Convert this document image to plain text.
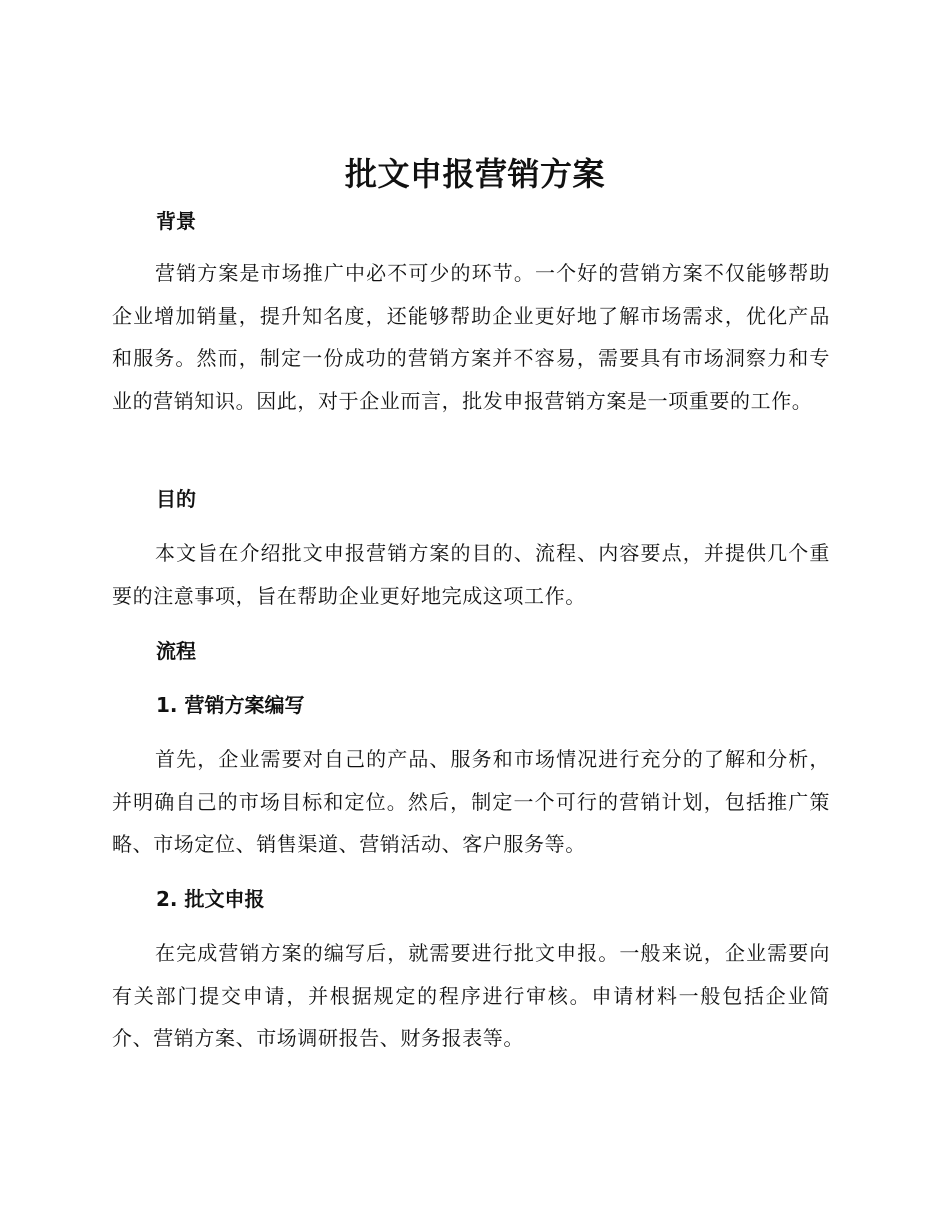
批文申报营销方案
背景

营销方案是市场推广中必不可少的环节。一个好的营销方案不仅能够帮助企业增加销量，提升知名度，还能够帮助企业更好地了解市场需求，优化产品和服务。然而，制定一份成功的营销方案并不容易，需要具有市场洞察力和专业的营销知识。因此，对于企业而言，批发申报营销方案是一项重要的工作。

目的

本文旨在介绍批文申报营销方案的目的、流程、内容要点，并提供几个重要的注意事项，旨在帮助企业更好地完成这项工作。

流程
1. 营销方案编写

首先，企业需要对自己的产品、服务和市场情况进行充分的了解和分析，并明确自己的市场目标和定位。然后，制定一个可行的营销计划，包括推广策略、市场定位、销售渠道、营销活动、客户服务等。

2. 批文申报

在完成营销方案的编写后，就需要进行批文申报。一般来说，企业需要向有关部门提交申请，并根据规定的程序进行审核。申请材料一般包括企业简介、营销方案、市场调研报告、财务报表等。
